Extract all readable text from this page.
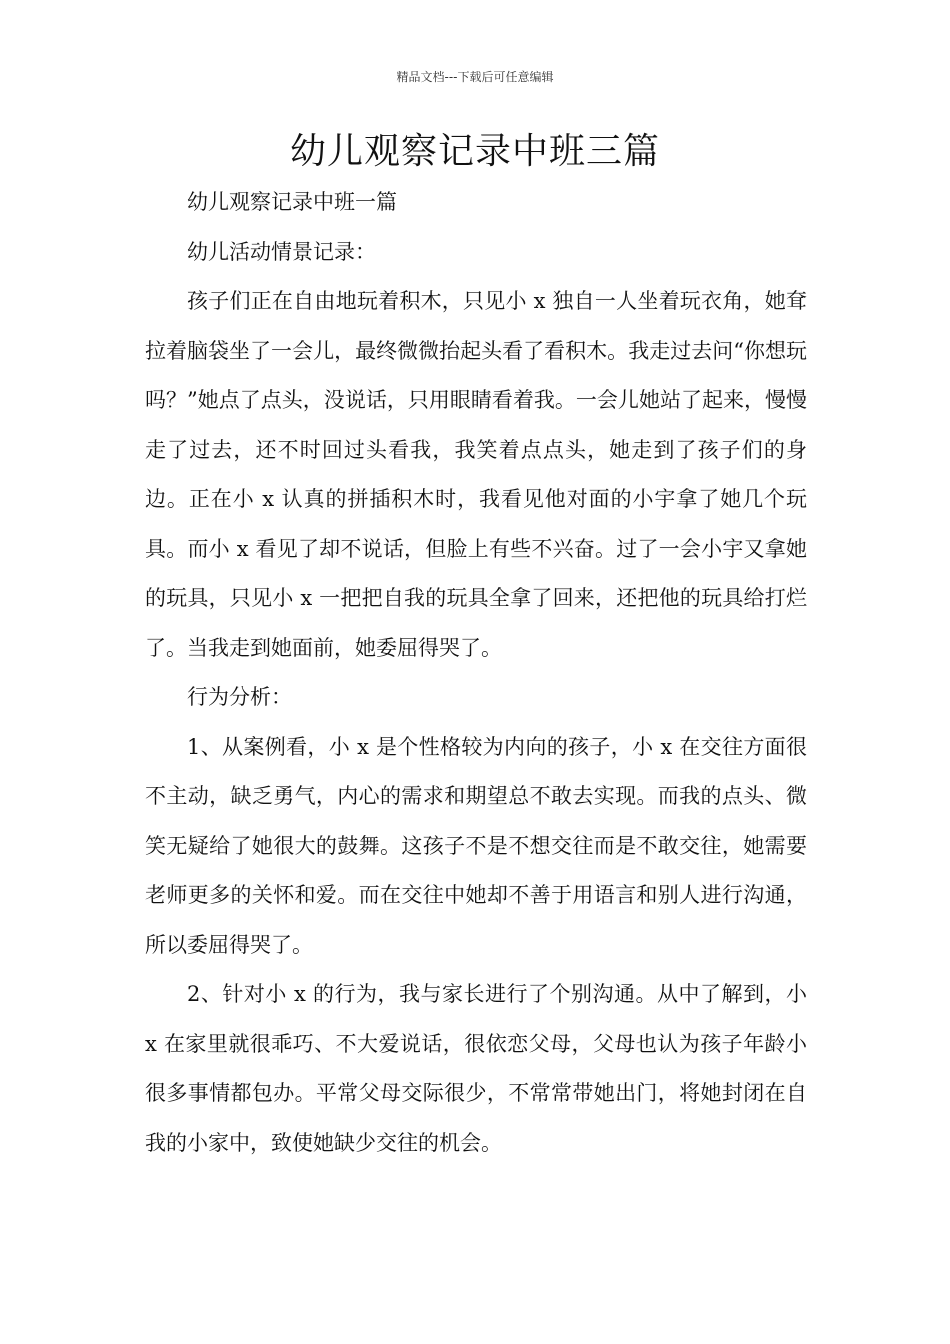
精品文档---下载后可任意编辑
幼儿观察记录中班三篇

幼儿观察记录中班一篇

幼儿活动情景记录：

孩子们正在自由地玩着积木，只见小 x 独自一人坐着玩衣角，她耷拉着脑袋坐了一会儿，最终微微抬起头看了看积木。我走过去问“你想玩吗？”她点了点头，没说话，只用眼睛看着我。一会儿她站了起来，慢慢走了过去，还不时回过头看我，我笑着点点头，她走到了孩子们的身边。正在小 x 认真的拼插积木时，我看见他对面的小宇拿了她几个玩具。而小 x 看见了却不说话，但脸上有些不兴奋。过了一会小宇又拿她的玩具，只见小 x 一把把自我的玩具全拿了回来，还把他的玩具给打烂了。当我走到她面前，她委屈得哭了。

行为分析：

1、从案例看，小 x 是个性格较为内向的孩子，小 x 在交往方面很不主动，缺乏勇气，内心的需求和期望总不敢去实现。而我的点头、微笑无疑给了她很大的鼓舞。这孩子不是不想交往而是不敢交往，她需要老师更多的关怀和爱。而在交往中她却不善于用语言和别人进行沟通，所以委屈得哭了。

2、针对小 x 的行为，我与家长进行了个别沟通。从中了解到，小 x 在家里就很乖巧、不大爱说话，很依恋父母，父母也认为孩子年龄小很多事情都包办。平常父母交际很少，不常常带她出门，将她封闭在自我的小家中，致使她缺少交往的机会。
